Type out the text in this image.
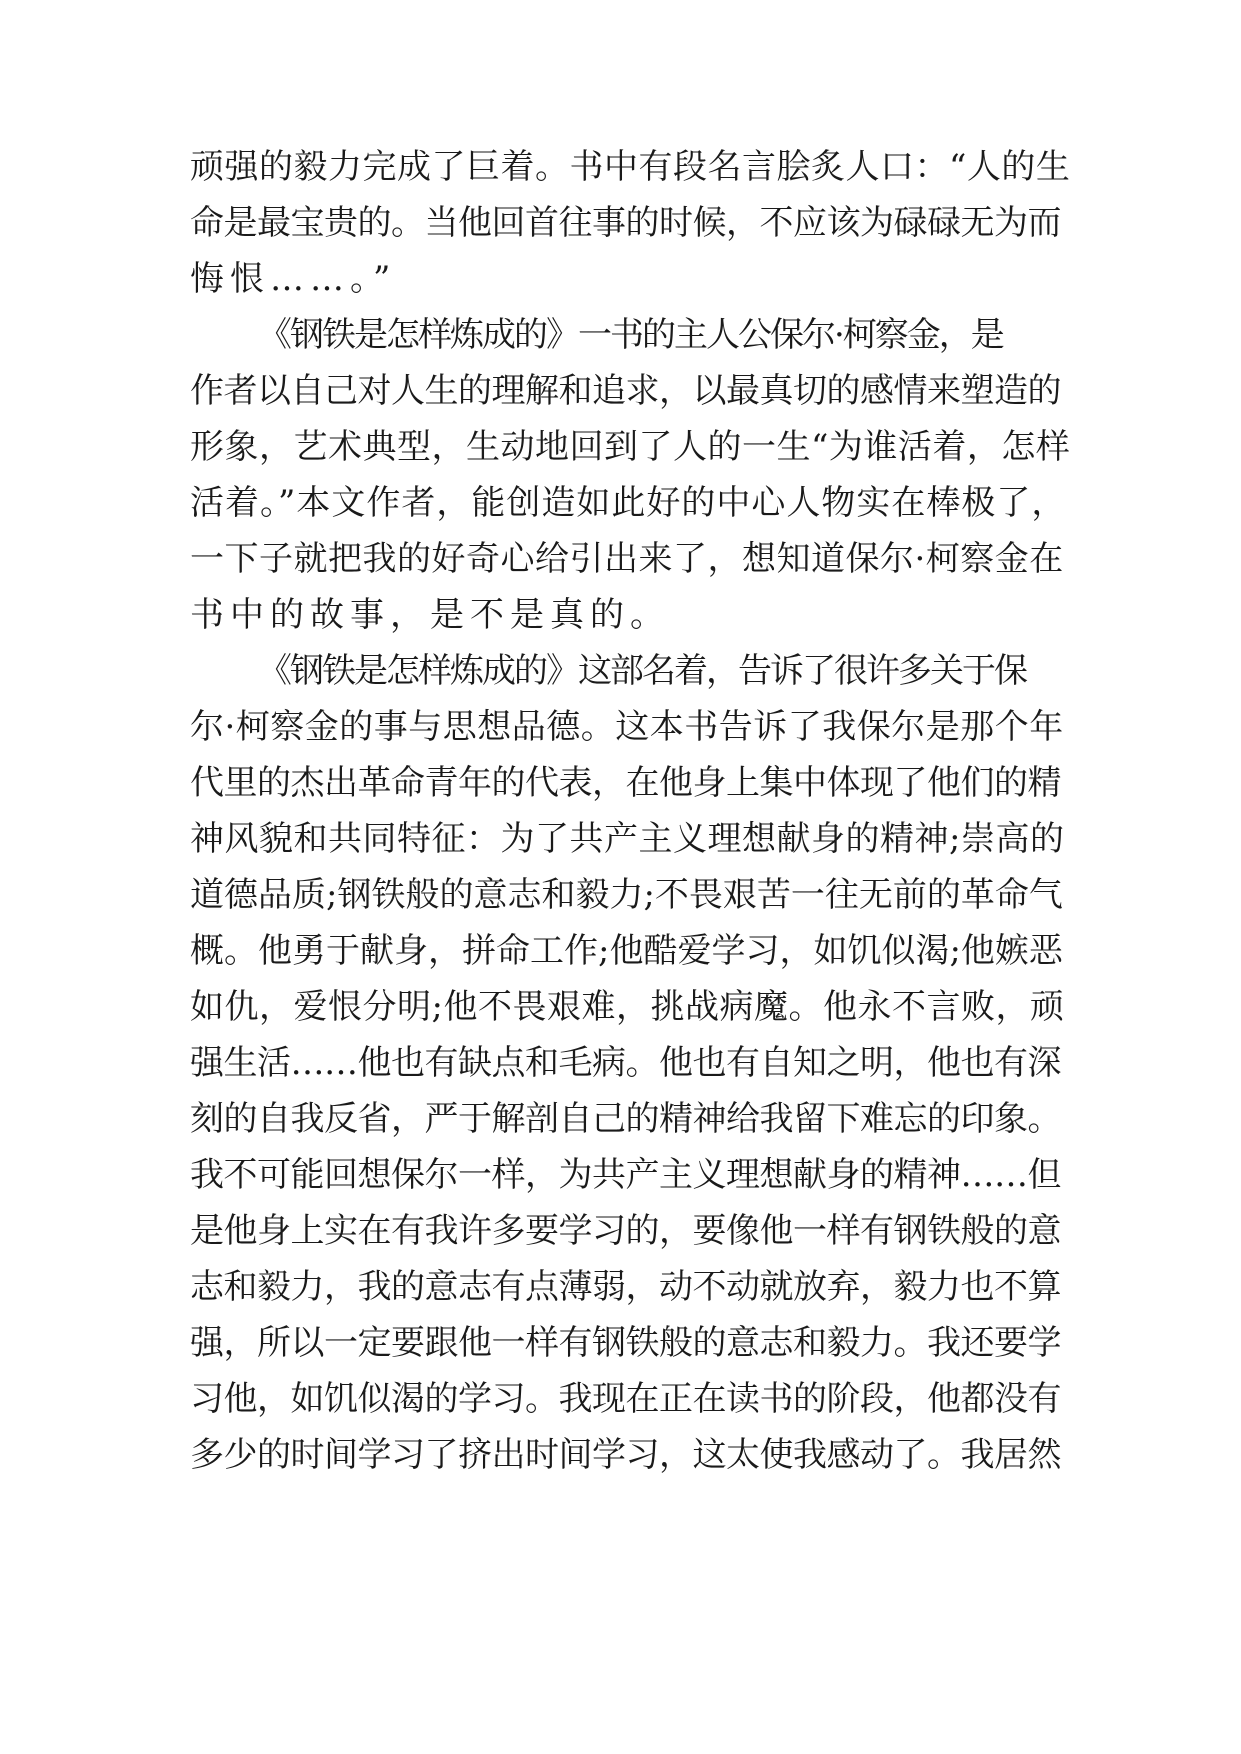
顽强的毅力完成了巨着。书中有段名言脍炙人口：“人的生
命是最宝贵的。当他回首往事的时候，不应该为碌碌无为而
悔恨……。”
《钢铁是怎样炼成的》一书的主人公保尔·柯察金，是
作者以自己对人生的理解和追求，以最真切的感情来塑造的
形象，艺术典型，生动地回到了人的一生“为谁活着，怎样
活着。”本文作者，能创造如此好的中心人物实在棒极了，
一下子就把我的好奇心给引出来了，想知道保尔·柯察金在
书中的故事，是不是真的。
《钢铁是怎样炼成的》这部名着，告诉了很许多关于保
尔·柯察金的事与思想品德。这本书告诉了我保尔是那个年
代里的杰出革命青年的代表，在他身上集中体现了他们的精
神风貌和共同特征：为了共产主义理想献身的精神;崇高的
道德品质;钢铁般的意志和毅力;不畏艰苦一往无前的革命气
概。他勇于献身，拼命工作;他酷爱学习，如饥似渴;他嫉恶
如仇，爱恨分明;他不畏艰难，挑战病魔。他永不言败，顽
强生活……他也有缺点和毛病。他也有自知之明，他也有深
刻的自我反省，严于解剖自己的精神给我留下难忘的印象。
我不可能回想保尔一样，为共产主义理想献身的精神……但
是他身上实在有我许多要学习的，要像他一样有钢铁般的意
志和毅力，我的意志有点薄弱，动不动就放弃，毅力也不算
强，所以一定要跟他一样有钢铁般的意志和毅力。我还要学
习他，如饥似渴的学习。我现在正在读书的阶段，他都没有
多少的时间学习了挤出时间学习，这太使我感动了。我居然
